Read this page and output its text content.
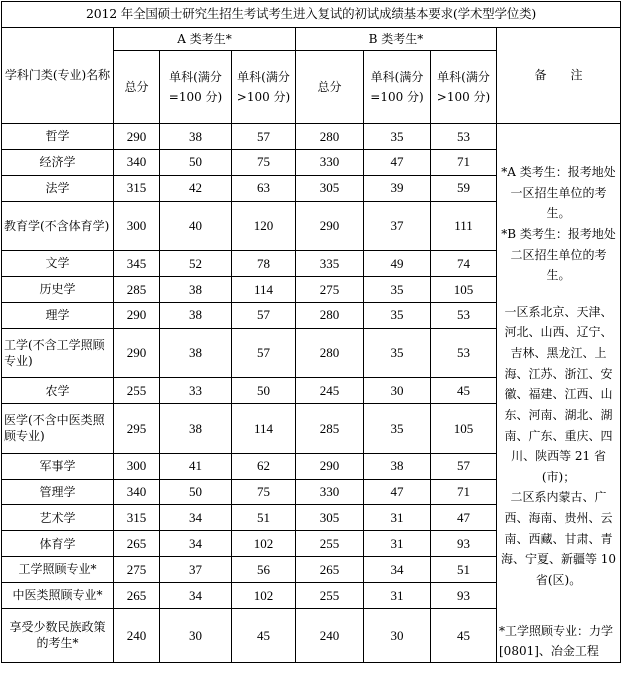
2012 年全国硕士研究生招生考试考生进入复试的初试成绩基本要求(学术型学位类)							
学科门类(专业)名称	A 类考生*			B 类考生*			备　　注
	总分	单科(满分=100 分)	单科(满分>100 分)	总分	单科(满分=100 分)	单科(满分>100 分)	
哲学	290	38	57	280	35	53	*A 类考生：报考地处一区招生单位的考生。

*B 类考生：报考地处二区招生单位的考生。

一区系北京、天津、河北、山西、辽宁、吉林、黑龙江、上海、江苏、浙江、安徽、福建、江西、山东、河南、湖北、湖南、广东、重庆、四川、陕西等 21 省(市)；

二区系内蒙古、广西、海南、贵州、云南、西藏、甘肃、青海、宁夏、新疆等 10 省(区)。

*工学照顾专业：力学[0801]、冶金工程

经济学	340	50	75	330	47	71	
法学	315	42	63	305	39	59	
教育学(不含体育学)	300	40	120	290	37	111	
文学	345	52	78	335	49	74	
历史学	285	38	114	275	35	105	
理学	290	38	57	280	35	53	
工学(不含工学照顾专业)	290	38	57	280	35	53	
农学	255	33	50	245	30	45	
医学(不含中医类照顾专业)	295	38	114	285	35	105	
军事学	300	41	62	290	38	57	
管理学	340	50	75	330	47	71	
艺术学	315	34	51	305	31	47	
体育学	265	34	102	255	31	93	
工学照顾专业*	275	37	56	265	34	51	
中医类照顾专业*	265	34	102	255	31	93	
享受少数民族政策的考生*	240	30	45	240	30	45	
